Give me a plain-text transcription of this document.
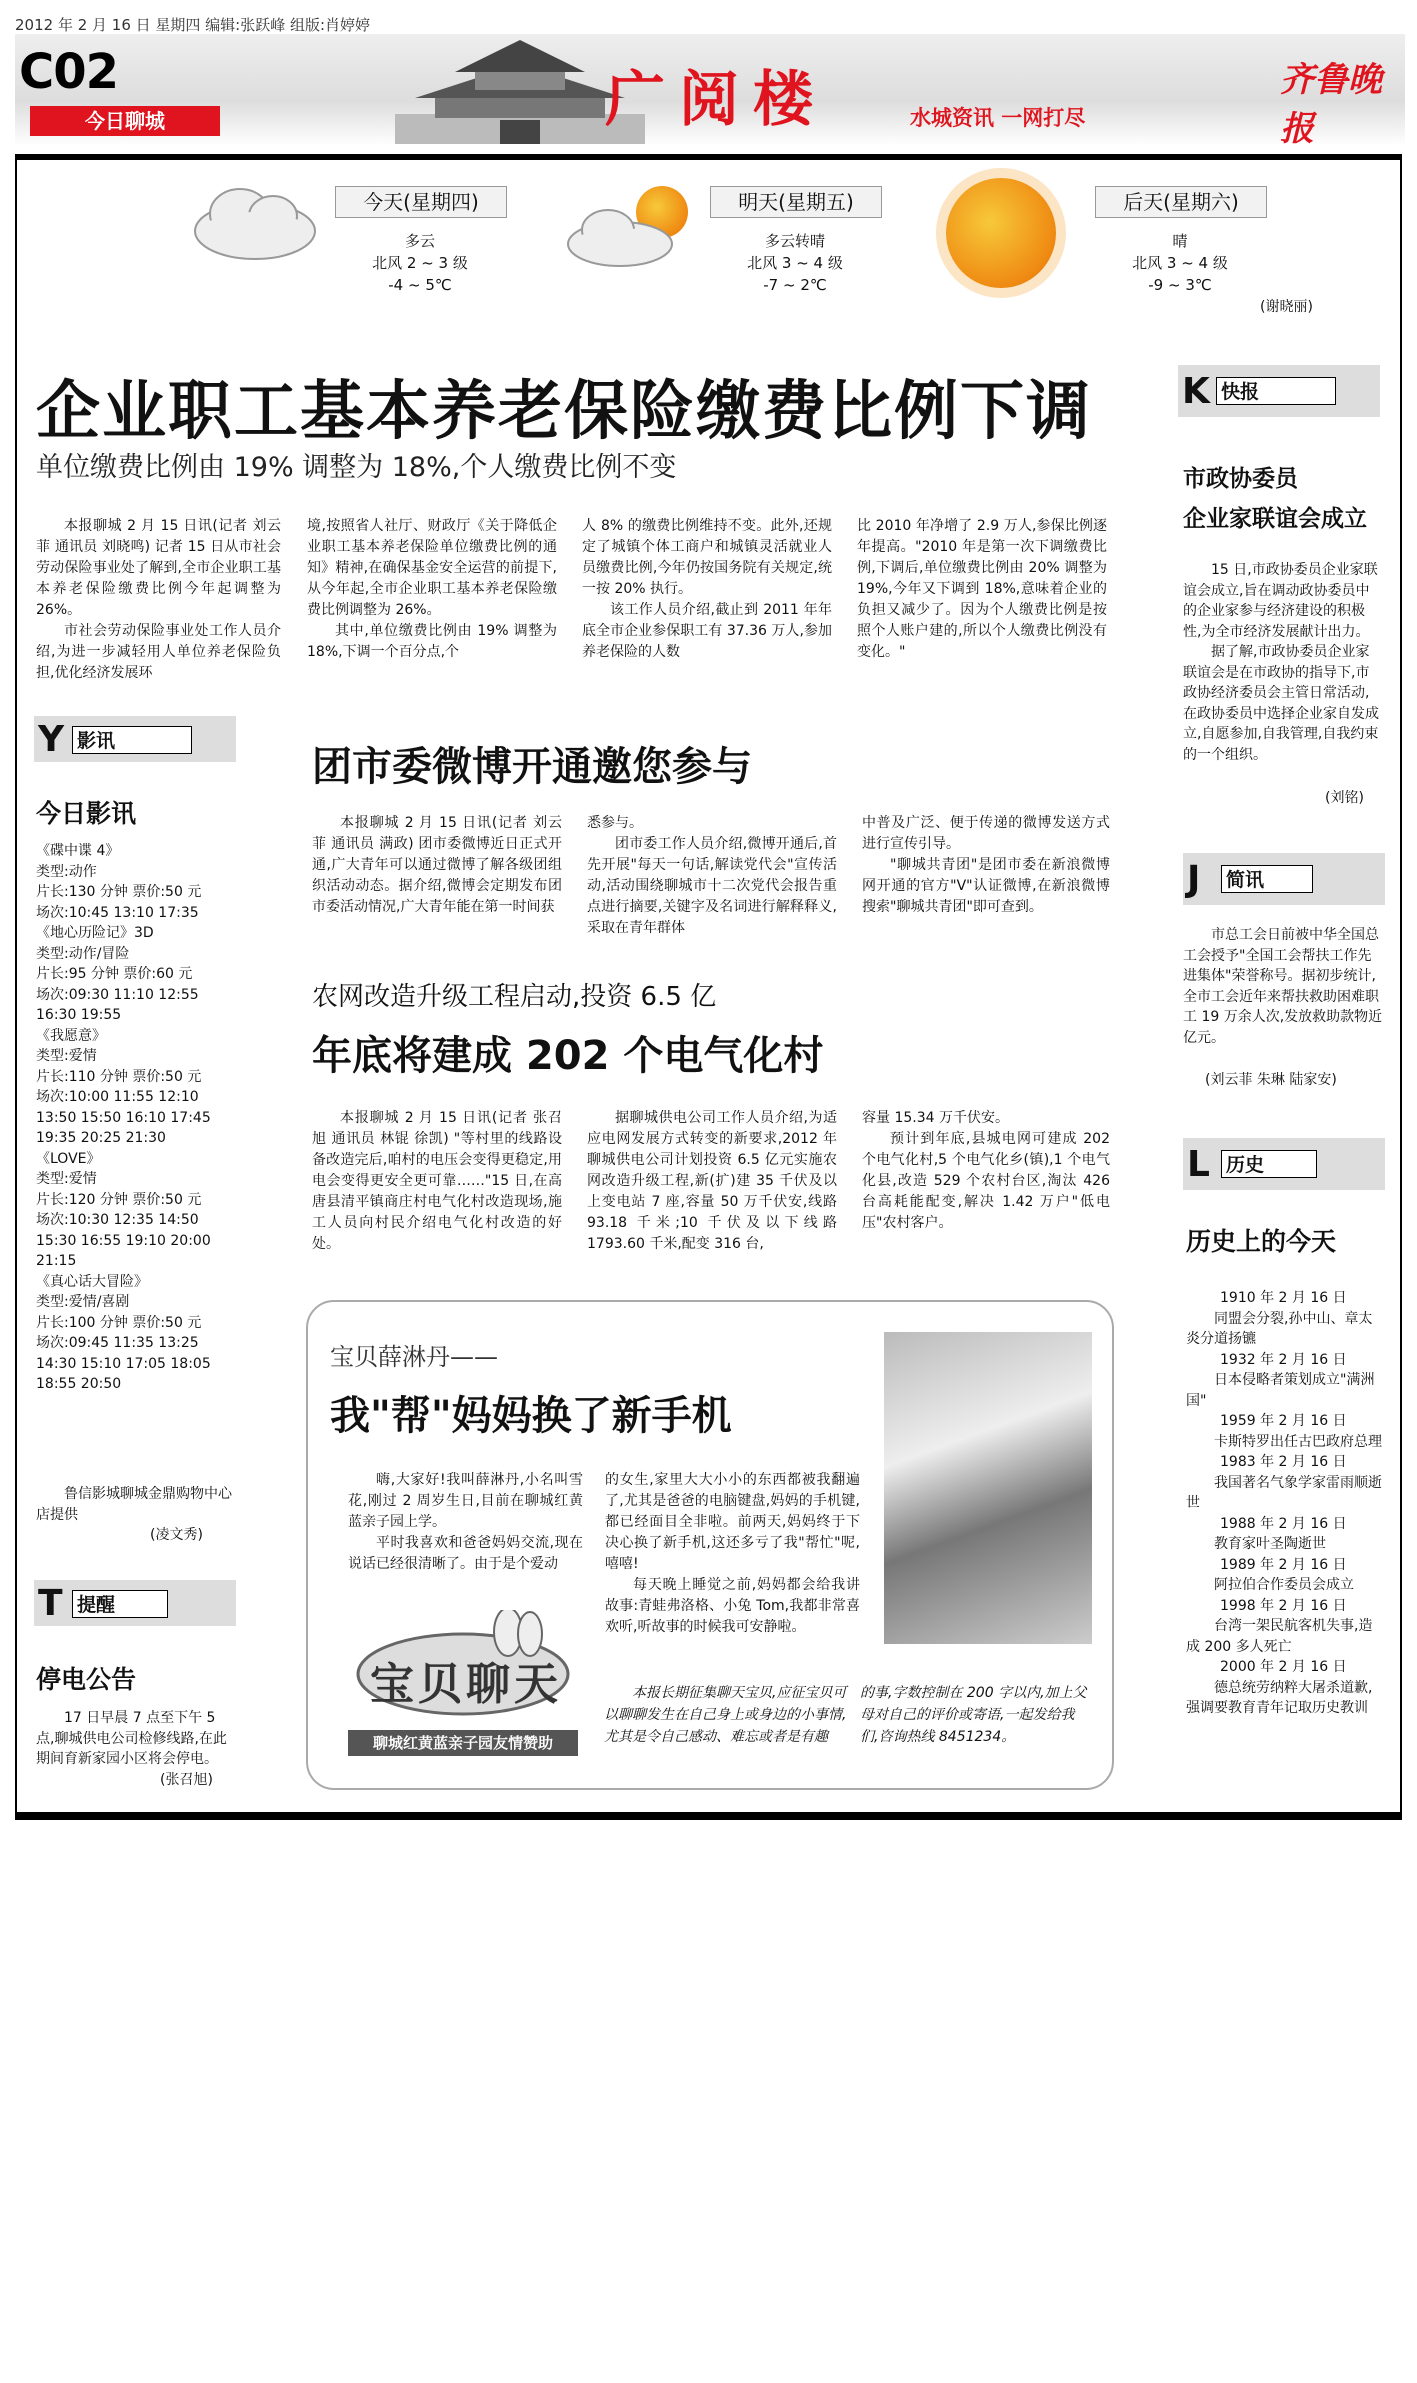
2012 年 2 月 16 日 星期四 编辑:张跃峰 组版:肖婷婷
C02
今日聊城	广阅楼	水城资讯 一网打尽
齐鲁晚报
今天(星期四)
多云
北风 2 ~ 3 级
-4 ~ 5℃
明天(星期五)
多云转晴
北风 3 ~ 4 级
-7 ~ 2℃
后天(星期六)
晴
北风 3 ~ 4 级
-9 ~ 3℃
(谢晓丽)
企业职工基本养老保险缴费比例下调
单位缴费比例由 19% 调整为 18%,个人缴费比例不变

本报聊城 2 月 15 日讯(记者 刘云菲 通讯员 刘晓鸣) 记者 15 日从市社会劳动保险事业处了解到,全市企业职工基本养老保险缴费比例今年起调整为 26%。

市社会劳动保险事业处工作人员介绍,为进一步减轻用人单位养老保险负担,优化经济发展环

境,按照省人社厅、财政厅《关于降低企业职工基本养老保险单位缴费比例的通知》精神,在确保基金安全运营的前提下,从今年起,全市企业职工基本养老保险缴费比例调整为 26%。

其中,单位缴费比例由 19% 调整为 18%,下调一个百分点,个

人 8% 的缴费比例维持不变。此外,还规定了城镇个体工商户和城镇灵活就业人员缴费比例,今年仍按国务院有关规定,统一按 20% 执行。

该工作人员介绍,截止到 2011 年年底全市企业参保职工有 37.36 万人,参加养老保险的人数

比 2010 年净增了 2.9 万人,参保比例逐年提高。"2010 年是第一次下调缴费比例,下调后,单位缴费比例由 20% 调整为 19%,今年又下调到 18%,意味着企业的负担又减少了。因为个人缴费比例是按照个人账户建的,所以个人缴费比例没有变化。"

团市委微博开通邀您参与

本报聊城 2 月 15 日讯(记者 刘云菲 通讯员 满政) 团市委微博近日正式开通,广大青年可以通过微博了解各级团组织活动动态。据介绍,微博会定期发布团市委活动情况,广大青年能在第一时间获

悉参与。

团市委工作人员介绍,微博开通后,首先开展"每天一句话,解读党代会"宣传活动,活动围绕聊城市十二次党代会报告重点进行摘要,关键字及名词进行解释释义,采取在青年群体

中普及广泛、便于传递的微博发送方式进行宣传引导。

"聊城共青团"是团市委在新浪微博网开通的官方"V"认证微博,在新浪微博搜索"聊城共青团"即可查到。

农网改造升级工程启动,投资 6.5 亿
年底将建成 202 个电气化村

本报聊城 2 月 15 日讯(记者 张召旭 通讯员 林锟 徐凯) "等村里的线路设备改造完后,咱村的电压会变得更稳定,用电会变得更安全更可靠……"15 日,在高唐县清平镇商庄村电气化村改造现场,施工人员向村民介绍电气化村改造的好处。

据聊城供电公司工作人员介绍,为适应电网发展方式转变的新要求,2012 年聊城供电公司计划投资 6.5 亿元实施农网改造升级工程,新(扩)建 35 千伏及以上变电站 7 座,容量 50 万千伏安,线路 93.18 千米;10 千伏及以下线路 1793.60 千米,配变 316 台,

容量 15.34 万千伏安。

预计到年底,县城电网可建成 202 个电气化村,5 个电气化乡(镇),1 个电气化县,改造 529 个农村台区,淘汰 426 台高耗能配变,解决 1.42 万户"低电压"农村客户。

宝贝薛淋丹——
我"帮"妈妈换了新手机

嗨,大家好!我叫薛淋丹,小名叫雪花,刚过 2 周岁生日,目前在聊城红黄蓝亲子园上学。

平时我喜欢和爸爸妈妈交流,现在说话已经很清晰了。由于是个爱动

的女生,家里大大小小的东西都被我翻遍了,尤其是爸爸的电脑键盘,妈妈的手机键,都已经面目全非啦。前两天,妈妈终于下决心换了新手机,这还多亏了我"帮忙"呢,嘻嘻!

每天晚上睡觉之前,妈妈都会给我讲故事:青蛙弗洛格、小兔 Tom,我都非常喜欢听,听故事的时候我可安静啦。

本报长期征集聊天宝贝,应征宝贝可以聊聊发生在自己身上或身边的小事情,尤其是令自己感动、难忘或者是有趣
的事,字数控制在 200 字以内,加上父母对自己的评价或寄语,一起发给我们,咨询热线 8451234。
宝贝聊天
聊城红黄蓝亲子园友情赞助
Y 影讯
今日影讯

《碟中谍 4》

类型:动作

片长:130 分钟 票价:50 元

场次:10:45 13:10 17:35

《地心历险记》3D

类型:动作/冒险

片长:95 分钟 票价:60 元

场次:09:30 11:10 12:55 16:30 19:55

《我愿意》

类型:爱情

片长:110 分钟 票价:50 元

场次:10:00 11:55 12:10 13:50 15:50 16:10 17:45 19:35 20:25 21:30

《LOVE》

类型:爱情

片长:120 分钟 票价:50 元

场次:10:30 12:35 14:50 15:30 16:55 19:10 20:00 21:15

《真心话大冒险》

类型:爱情/喜剧

片长:100 分钟 票价:50 元

场次:09:45 11:35 13:25 14:30 15:10 17:05 18:05 18:55 20:50

鲁信影城聊城金鼎购物中心店提供
(凌文秀)
T 提醒
停电公告
17 日早晨 7 点至下午 5 点,聊城供电公司检修线路,在此期间育新家园小区将会停电。
(张召旭)
K 快报
市政协委员
企业家联谊会成立

15 日,市政协委员企业家联谊会成立,旨在调动政协委员中的企业家参与经济建设的积极性,为全市经济发展献计出力。

据了解,市政协委员企业家联谊会是在市政协的指导下,市政协经济委员会主管日常活动,在政协委员中选择企业家自发成立,自愿参加,自我管理,自我约束的一个组织。

(刘铭)
J 简讯
市总工会日前被中华全国总工会授予"全国工会帮扶工作先进集体"荣誉称号。据初步统计,全市工会近年来帮扶救助困难职工 19 万余人次,发放救助款物近亿元。
(刘云菲 朱琳 陆家安)
L 历史
历史上的今天

1910 年 2 月 16 日

同盟会分裂,孙中山、章太炎分道扬镳

1932 年 2 月 16 日

日本侵略者策划成立"满洲国"

1959 年 2 月 16 日

卡斯特罗出任古巴政府总理

1983 年 2 月 16 日

我国著名气象学家雷雨顺逝世

1988 年 2 月 16 日

教育家叶圣陶逝世

1989 年 2 月 16 日

阿拉伯合作委员会成立

1998 年 2 月 16 日

台湾一架民航客机失事,造成 200 多人死亡

2000 年 2 月 16 日

德总统劳纳粹大屠杀道歉,强调要教育青年记取历史教训
